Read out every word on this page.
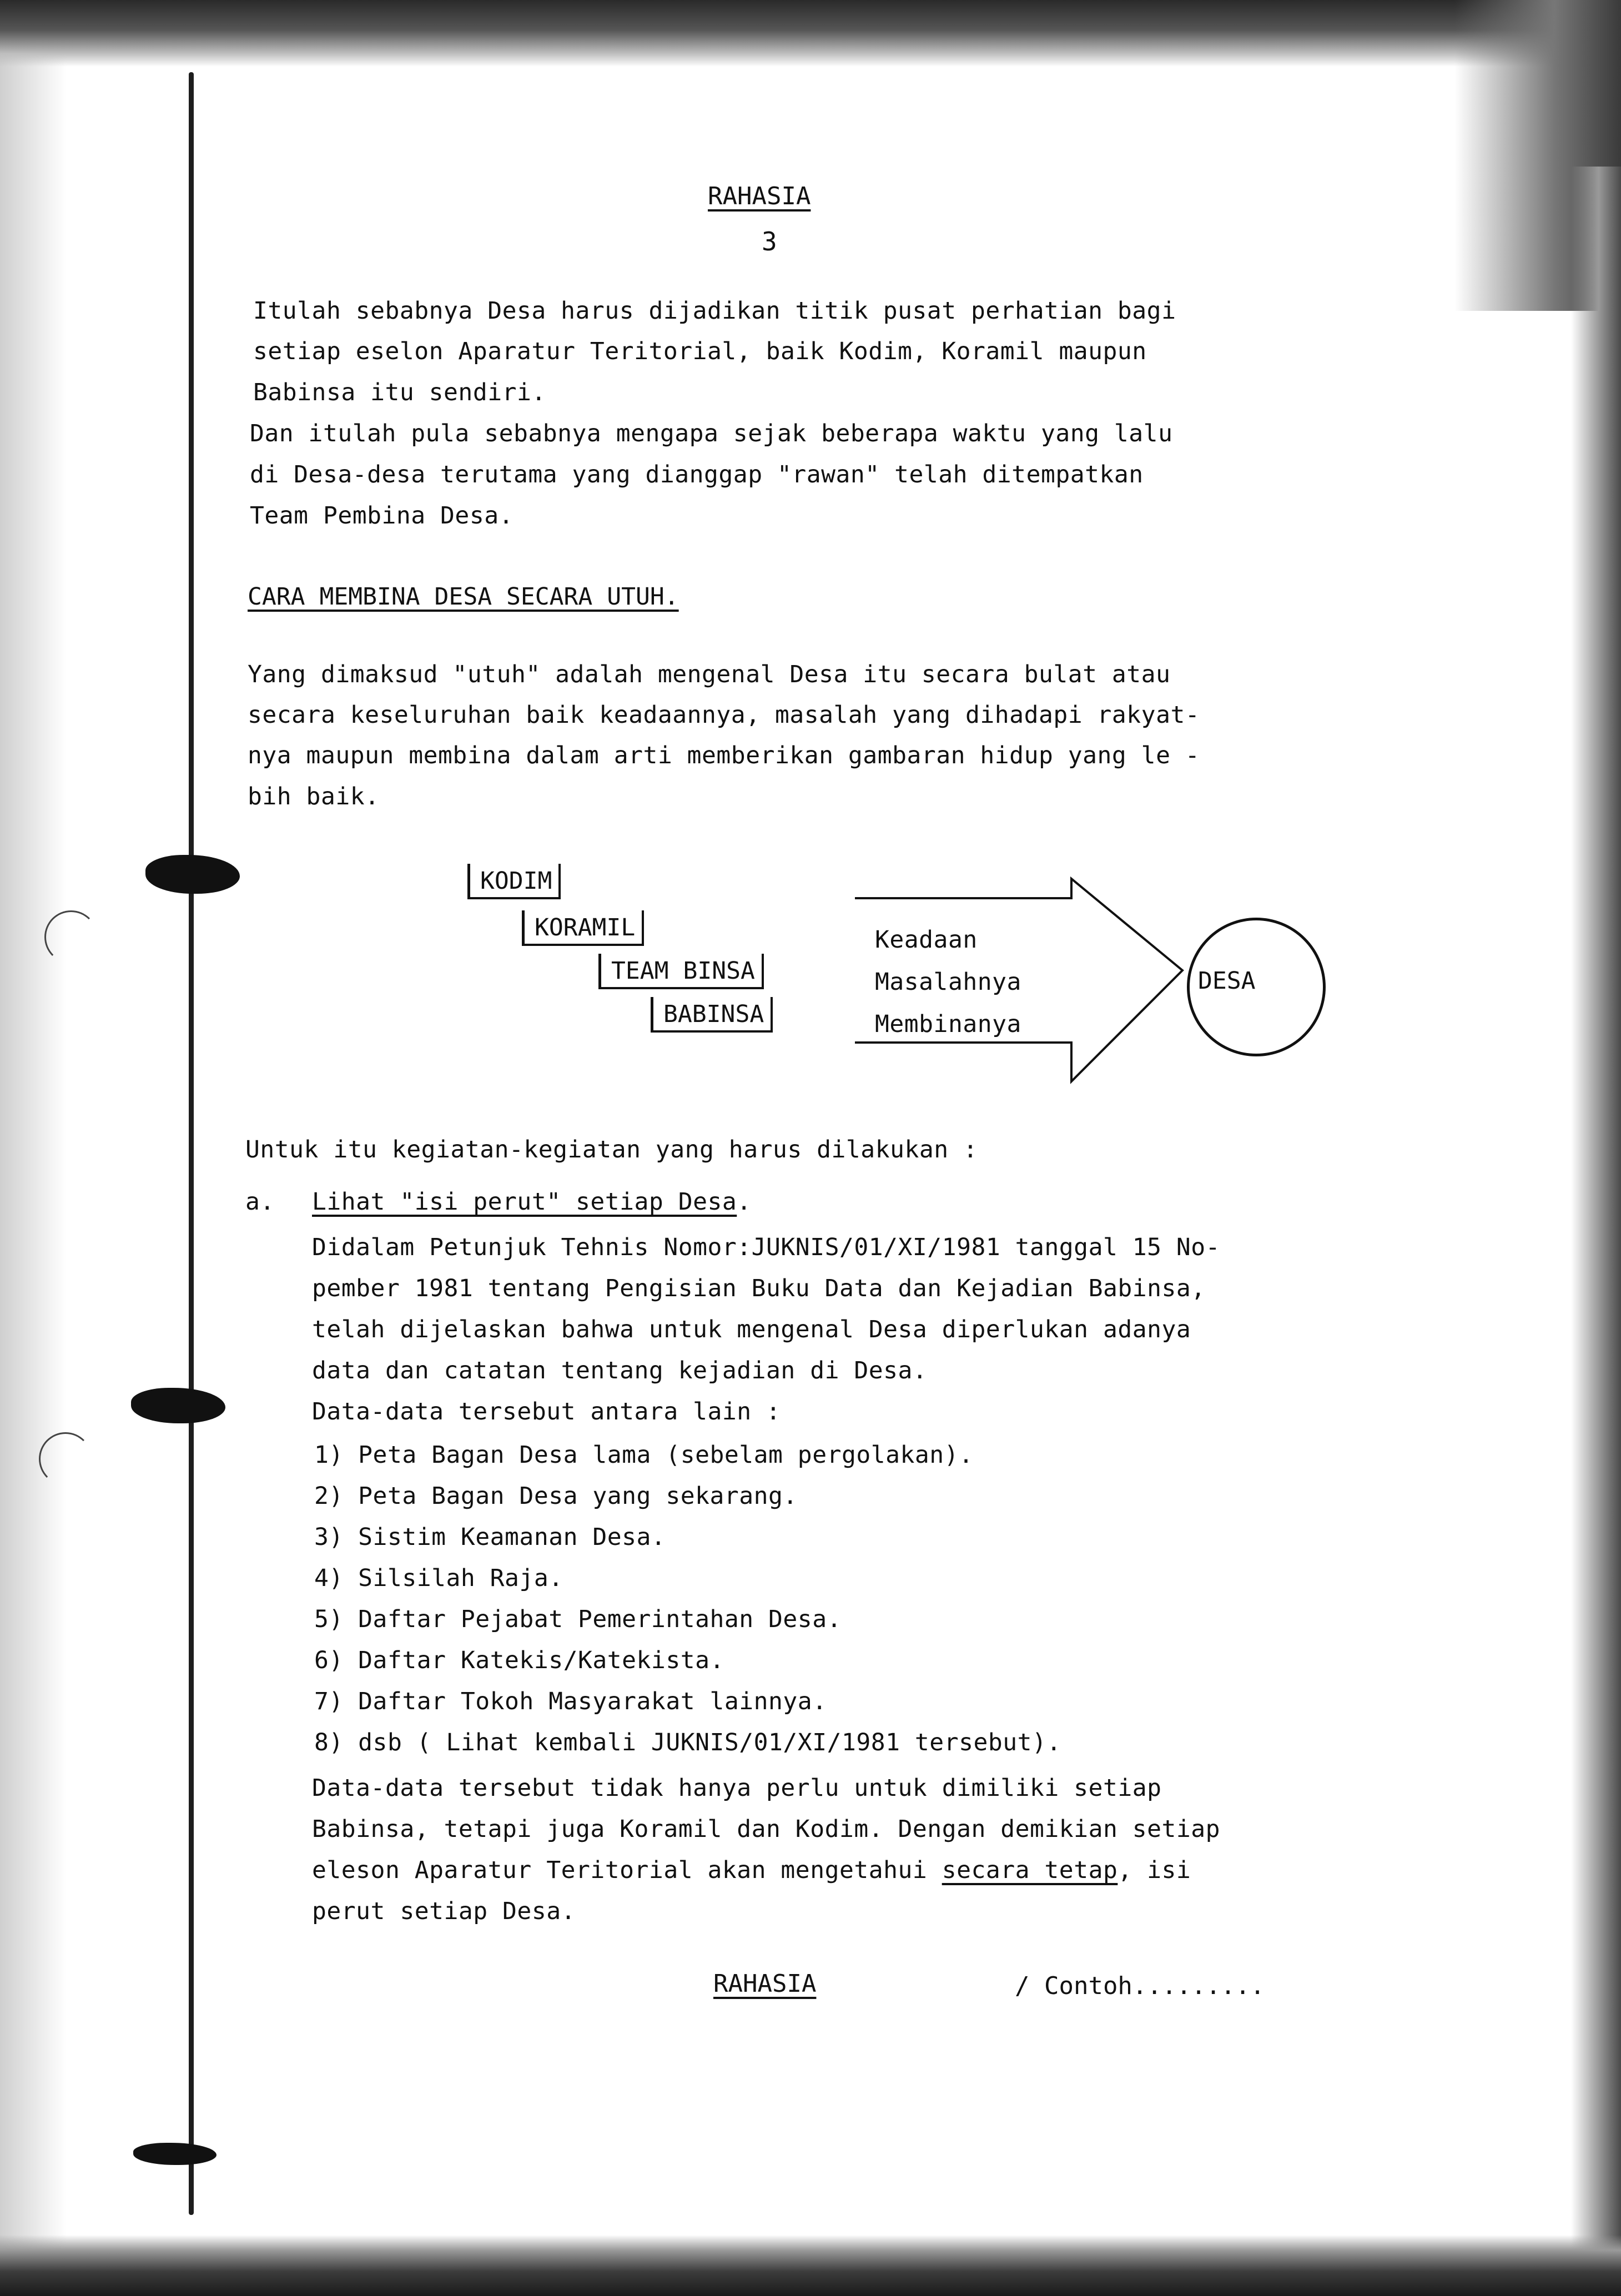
RAHASIA
3
Itulah sebabnya Desa harus dijadikan titik pusat perhatian bagi
setiap eselon Aparatur Teritorial, baik Kodim, Koramil maupun
Babinsa itu sendiri.
Dan itulah pula sebabnya mengapa sejak beberapa waktu yang lalu
di Desa-desa terutama yang dianggap "rawan" telah ditempatkan
Team Pembina Desa.
CARA MEMBINA DESA SECARA UTUH.
Yang dimaksud "utuh" adalah mengenal Desa itu secara bulat atau
secara keseluruhan baik keadaannya, masalah yang dihadapi rakyat-
nya maupun membina dalam arti memberikan gambaran hidup yang le -
bih baik.
KODIM
KORAMIL
TEAM BINSA
BABINSA
Keadaan
Masalahnya
Membinanya
DESA
Untuk itu kegiatan-kegiatan yang harus dilakukan :
a. Lihat "isi perut" setiap Desa.
Didalam Petunjuk Tehnis Nomor:JUKNIS/01/XI/1981 tanggal 15 No-
pember 1981 tentang Pengisian Buku Data dan Kejadian Babinsa,
telah dijelaskan bahwa untuk mengenal Desa diperlukan adanya
data dan catatan tentang kejadian di Desa.
Data-data tersebut antara lain :
1) Peta Bagan Desa lama (sebelam pergolakan).
2) Peta Bagan Desa yang sekarang.
3) Sistim Keamanan Desa.
4) Silsilah Raja.
5) Daftar Pejabat Pemerintahan Desa.
6) Daftar Katekis/Katekista.
7) Daftar Tokoh Masyarakat lainnya.
8) dsb ( Lihat kembali JUKNIS/01/XI/1981 tersebut).
Data-data tersebut tidak hanya perlu untuk dimiliki setiap
Babinsa, tetapi juga Koramil dan Kodim. Dengan demikian setiap
eleson Aparatur Teritorial akan mengetahui secara tetap, isi
perut setiap Desa.
RAHASIA	/ Contoh.........
